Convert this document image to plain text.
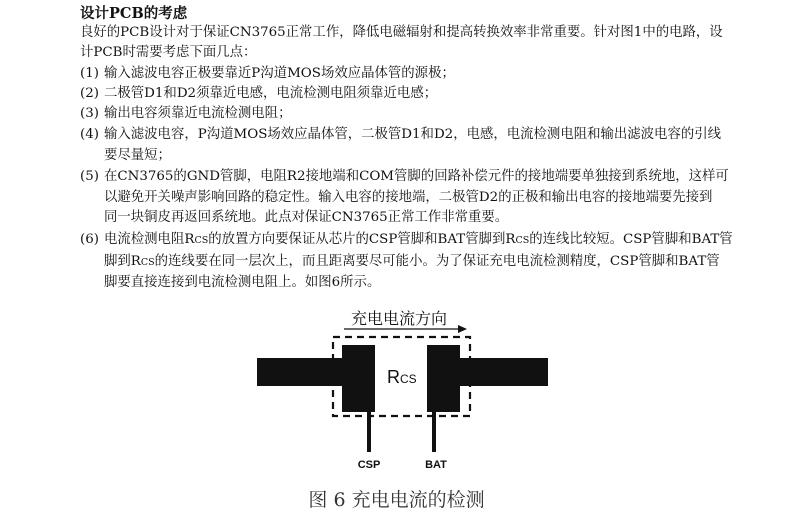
设计PCB的考虑
良好的PCB设计对于保证CN3765正常工作，降低电磁辐射和提高转换效率非常重要。针对图1中的电路，设
计PCB时需要考虑下面几点：
(1) 输入滤波电容正极要靠近P沟道MOS场效应晶体管的源极；
(2) 二极管D1和D2须靠近电感，电流检测电阻须靠近电感；
(3) 输出电容须靠近电流检测电阻；
(4) 输入滤波电容，P沟道MOS场效应晶体管，二极管D1和D2，电感，电流检测电阻和输出滤波电容的引线
要尽量短；
(5) 在CN3765的GND管脚，电阻R2接地端和COM管脚的回路补偿元件的接地端要单独接到系统地，这样可
以避免开关噪声影响回路的稳定性。输入电容的接地端，二极管D2的正极和输出电容的接地端要先接到
同一块铜皮再返回系统地。此点对保证CN3765正常工作非常重要。
(6) 电流检测电阻RCS的放置方向要保证从芯片的CSP管脚和BAT管脚到RCS的连线比较短。CSP管脚和BAT管
脚到RCS的连线要在同一层次上，而且距离要尽可能小。为了保证充电电流检测精度，CSP管脚和BAT管
脚要直接连接到电流检测电阻上。如图6所示。
充电电流方向
RCS
CSP	BAT
图 6 充电电流的检测
